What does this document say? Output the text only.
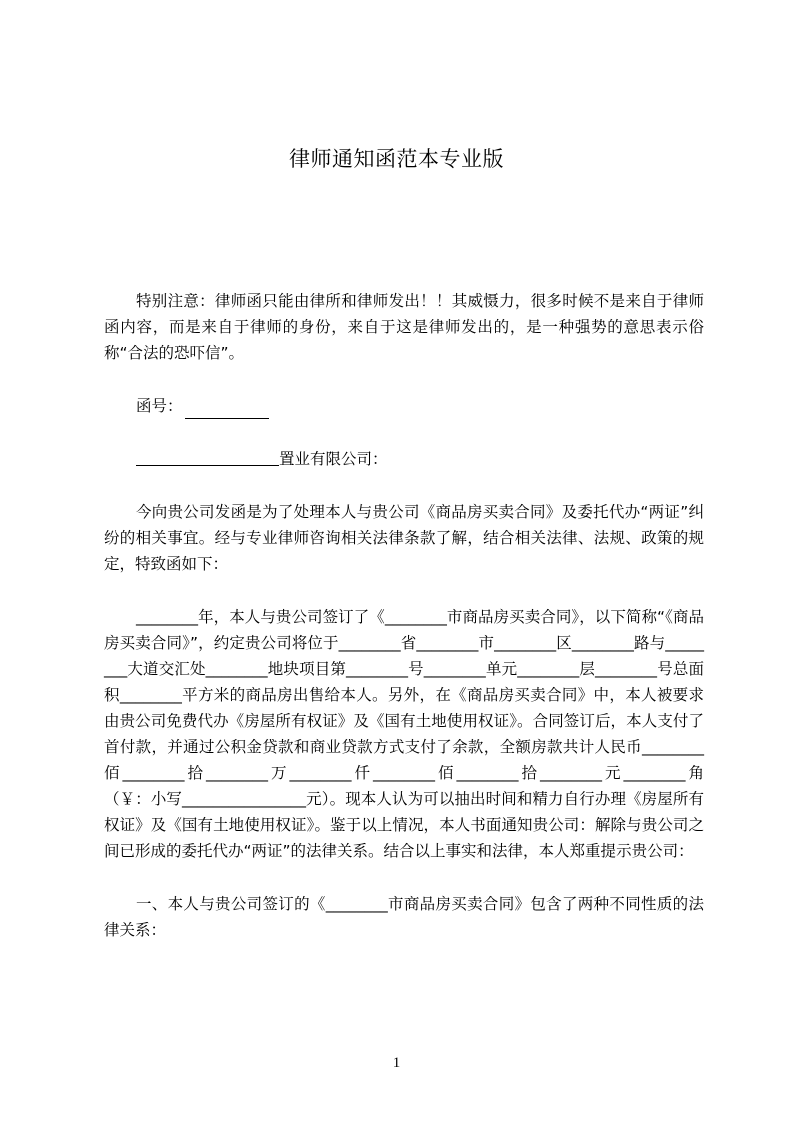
律师通知函范本专业版

特别注意：律师函只能由律所和律师发出！！其威慑力，很多时候不是来自于律师函内容，而是来自于律师的身份，来自于这是律师发出的，是一种强势的意思表示俗称“合法的恐吓信”。

函号：

置业有限公司：

今向贵公司发函是为了处理本人与贵公司《商品房买卖合同》及委托代办“两证”纠纷的相关事宜。经与专业律师咨询相关法律条款了解，结合相关法律、法规、政策的规定，特致函如下：

________年，本人与贵公司签订了《________市商品房买卖合同》，以下简称“《商品房买卖合同》”，约定贵公司将位于________省________市________区________路与________大道交汇处________地块项目第________号________单元________层________号总面积________平方米的商品房出售给本人。另外，在《商品房买卖合同》中，本人被要求由贵公司免费代办《房屋所有权证》及《国有土地使用权证》。合同签订后，本人支付了首付款，并通过公积金贷款和商业贷款方式支付了余款，全额房款共计人民币________佰________拾________万________仟________佰________拾________元________角（￥：小写________________元）。现本人认为可以抽出时间和精力自行办理《房屋所有权证》及《国有土地使用权证》。鉴于以上情况，本人书面通知贵公司：解除与贵公司之间已形成的委托代办“两证”的法律关系。结合以上事实和法律，本人郑重提示贵公司：

一、本人与贵公司签订的《________市商品房买卖合同》包含了两种不同性质的法律关系：

1
